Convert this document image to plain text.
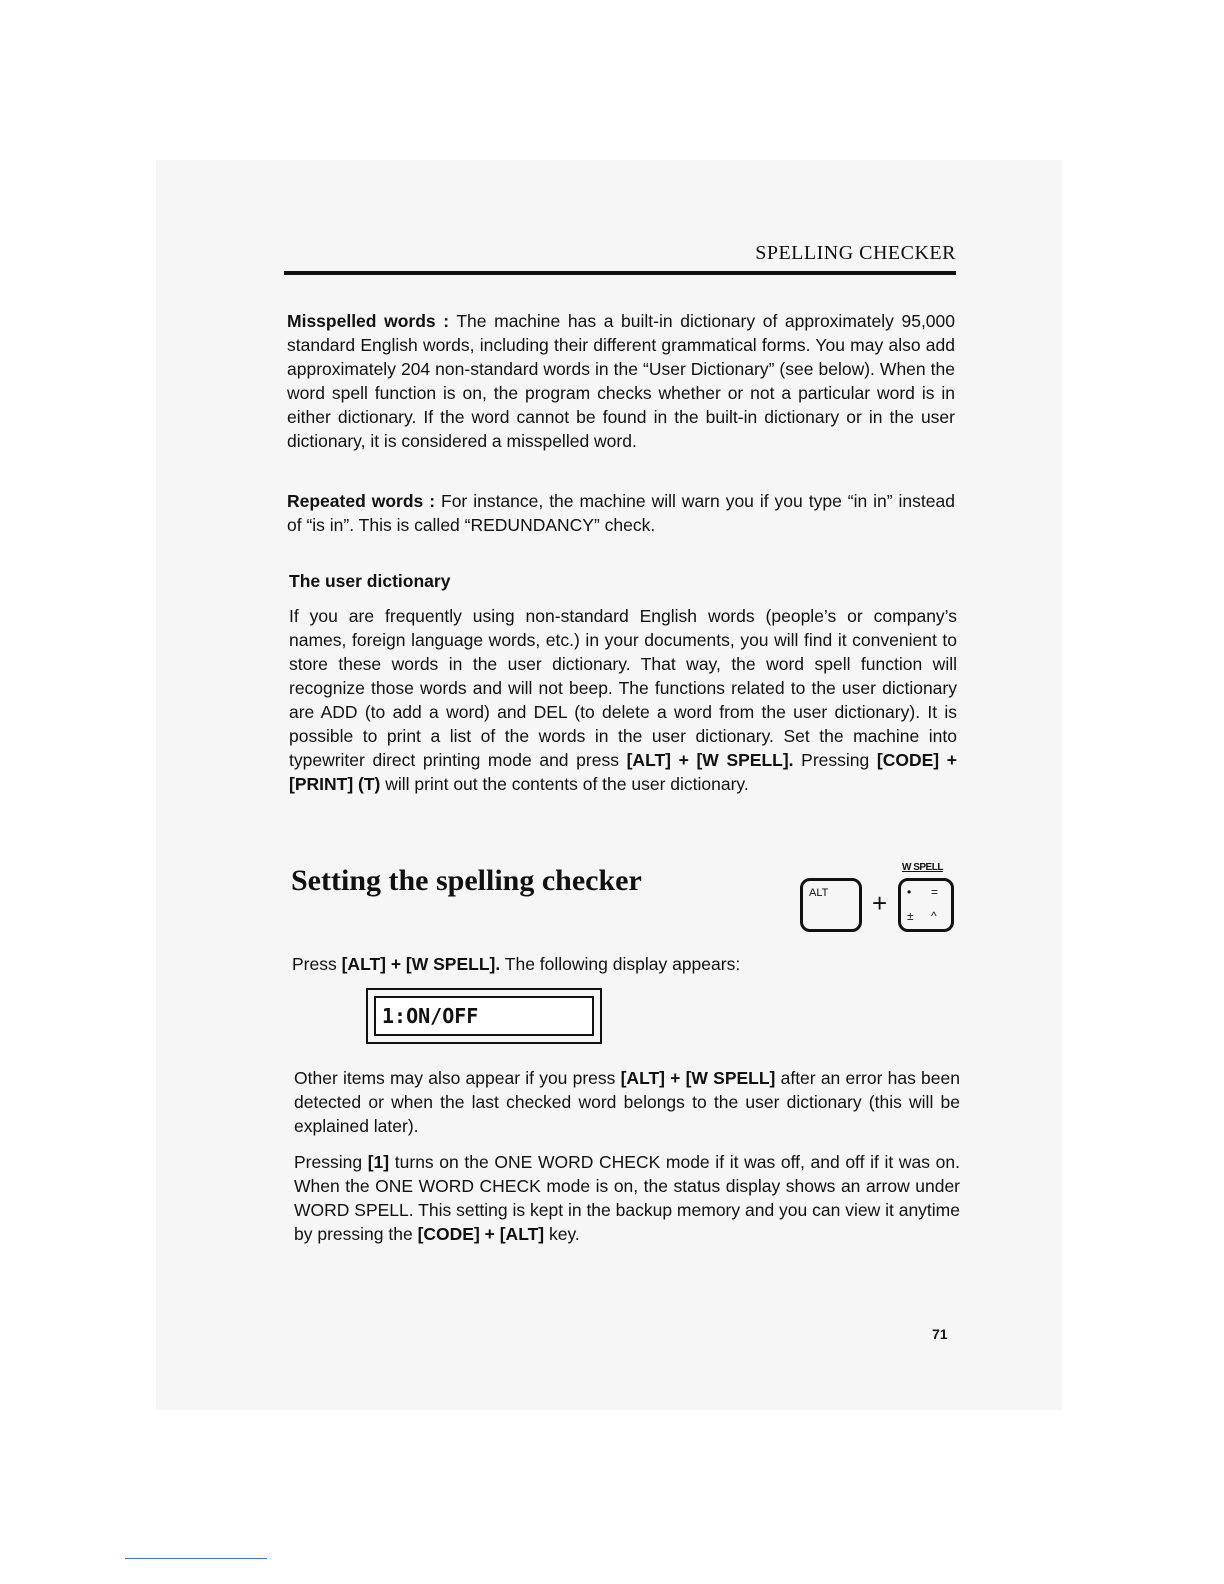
SPELLING CHECKER

Misspelled words : The machine has a built-in dictionary of approximately 95,000 standard English words, including their different grammatical forms. You may also add approximately 204 non-standard words in the “User Dictionary” (see below). When the word spell function is on, the program checks whether or not a particular word is in either dictionary. If the word cannot be found in the built-in dictionary or in the user dictionary, it is considered a misspelled word.

Repeated words : For instance, the machine will warn you if you type “in in” instead of “is in”. This is called “REDUNDANCY” check.

The user dictionary

If you are frequently using non-standard English words (people’s or company’s names, foreign language words, etc.) in your documents, you will find it convenient to store these words in the user dictionary. That way, the word spell function will recognize those words and will not beep. The functions related to the user dictionary are ADD (to add a word) and DEL (to delete a word from the user dictionary). It is possible to print a list of the words in the user dictionary. Set the machine into typewriter direct printing mode and press [ALT] + [W SPELL]. Pressing [CODE] + [PRINT] (T) will print out the contents of the user dictionary.

Setting the spelling checker	ALT	+
W SPELL
• =
± ^

Press [ALT] + [W SPELL]. The following display appears:

1:ON/OFF

Other items may also appear if you press [ALT] + [W SPELL] after an error has been detected or when the last checked word belongs to the user dictionary (this will be explained later).

Pressing [1] turns on the ONE WORD CHECK mode if it was off, and off if it was on. When the ONE WORD CHECK mode is on, the status display shows an arrow under WORD SPELL. This setting is kept in the backup memory and you can view it anytime by pressing the [CODE] + [ALT] key.

71
